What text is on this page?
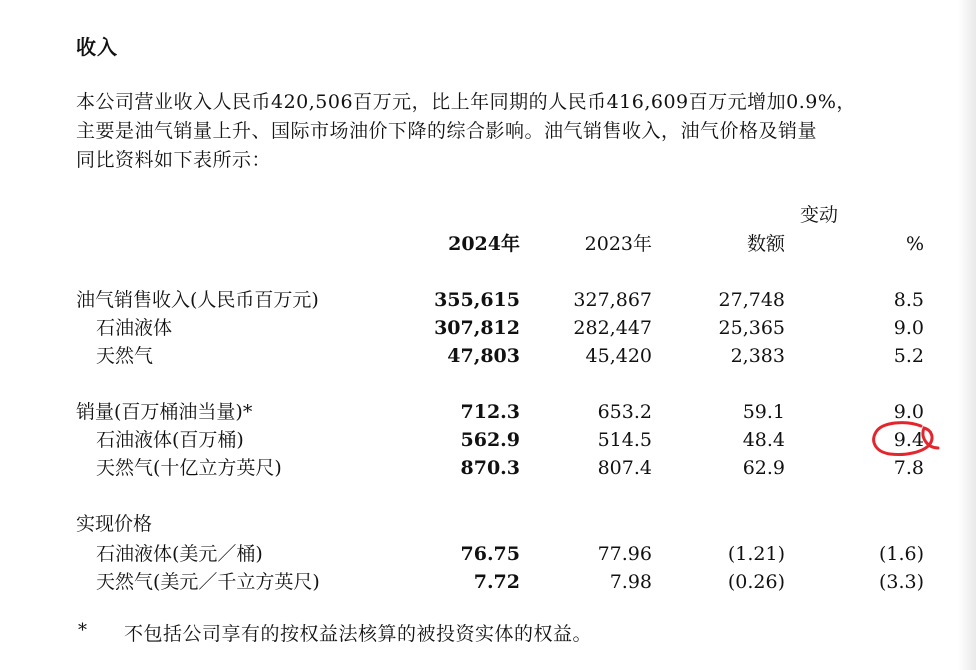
收入
本公司营业收入人民币420,506百万元，比上年同期的人民币416,609百万元增加0.9%，
主要是油气销量上升、国际市场油价下降的综合影响。油气销售收入，油气价格及销量
同比资料如下表所示：
变动
2024年	2023年	数额	%
油气销售收入(人民币百万元)	355,615	327,867	27,748	8.5
石油液体	307,812	282,447	25,365	9.0
天然气	47,803	45,420	2,383	5.2
销量(百万桶油当量)*	712.3	653.2	59.1	9.0
石油液体(百万桶)	562.9	514.5	48.4	9.4
天然气(十亿立方英尺)	870.3	807.4	62.9	7.8
实现价格
石油液体(美元／桶)	76.75	77.96	(1.21)	(1.6)
天然气(美元／千立方英尺)	7.72	7.98	(0.26)	(3.3)
* 不包括公司享有的按权益法核算的被投资实体的权益。
